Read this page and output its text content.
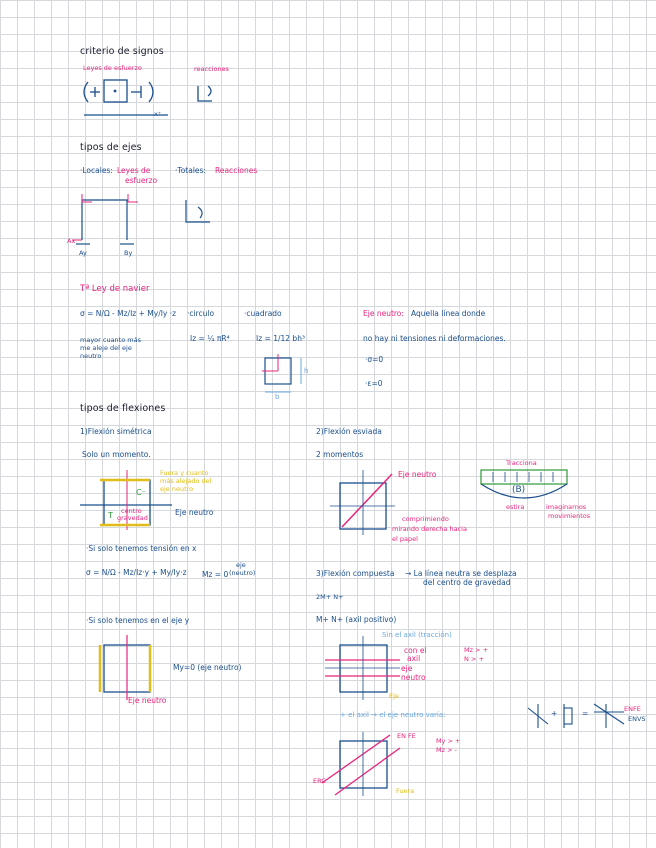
criterio de signos
Leyes de esfuerzo	reacciones
x⁺
tipos de ejes
·Locales: Leyes de
esfuerzo
·Totales: Reacciones
Ay	By
Ax
Tª Ley de navier
σ = N/Ω - Mz/Iz + My/Iy ·z
mayor cuanto más
me aleje del eje
neutro
·circulo
Iz = ¼ πR⁴
·cuadrado
Iz = 1/12 bh³
Eje neutro: Aquella línea donde
no hay ni tensiones ni deformaciones.
·σ=0
·ε=0
h
b
tipos de flexiones
1)Flexión simétrica
Solo un momento.
Fuera y cuanto
más alejado del
eje neutro
C⁻
T centro
gravedad
Eje neutro
·Si solo tenemos tensión en x
σ = N/Ω - Mz/Iz·y + My/Iy·z Mz = 0
eje
(neutro)
·Si solo tenemos en el eje y
My=0 (eje neutro)
Eje neutro
2)Flexión esviada
2 momentos
Eje neutro
comprimiendo
mirando derecha hacia
el papel
Tracciona
(B)
estira	imaginarnos
movimientos
3)Flexión compuesta → La línea neutra se desplaza
del centro de gravedad
2M+ N+
M+ N+ (axil positivo)
Sin el axil (tracción)
con el
axil
eje
neutro
Mz > +
N > +
+ el axil → el eje neutro varía:
EN FE
My > +
Mz > -
ERC
Eje
Fuera
+	=	ENFE
ENVS
